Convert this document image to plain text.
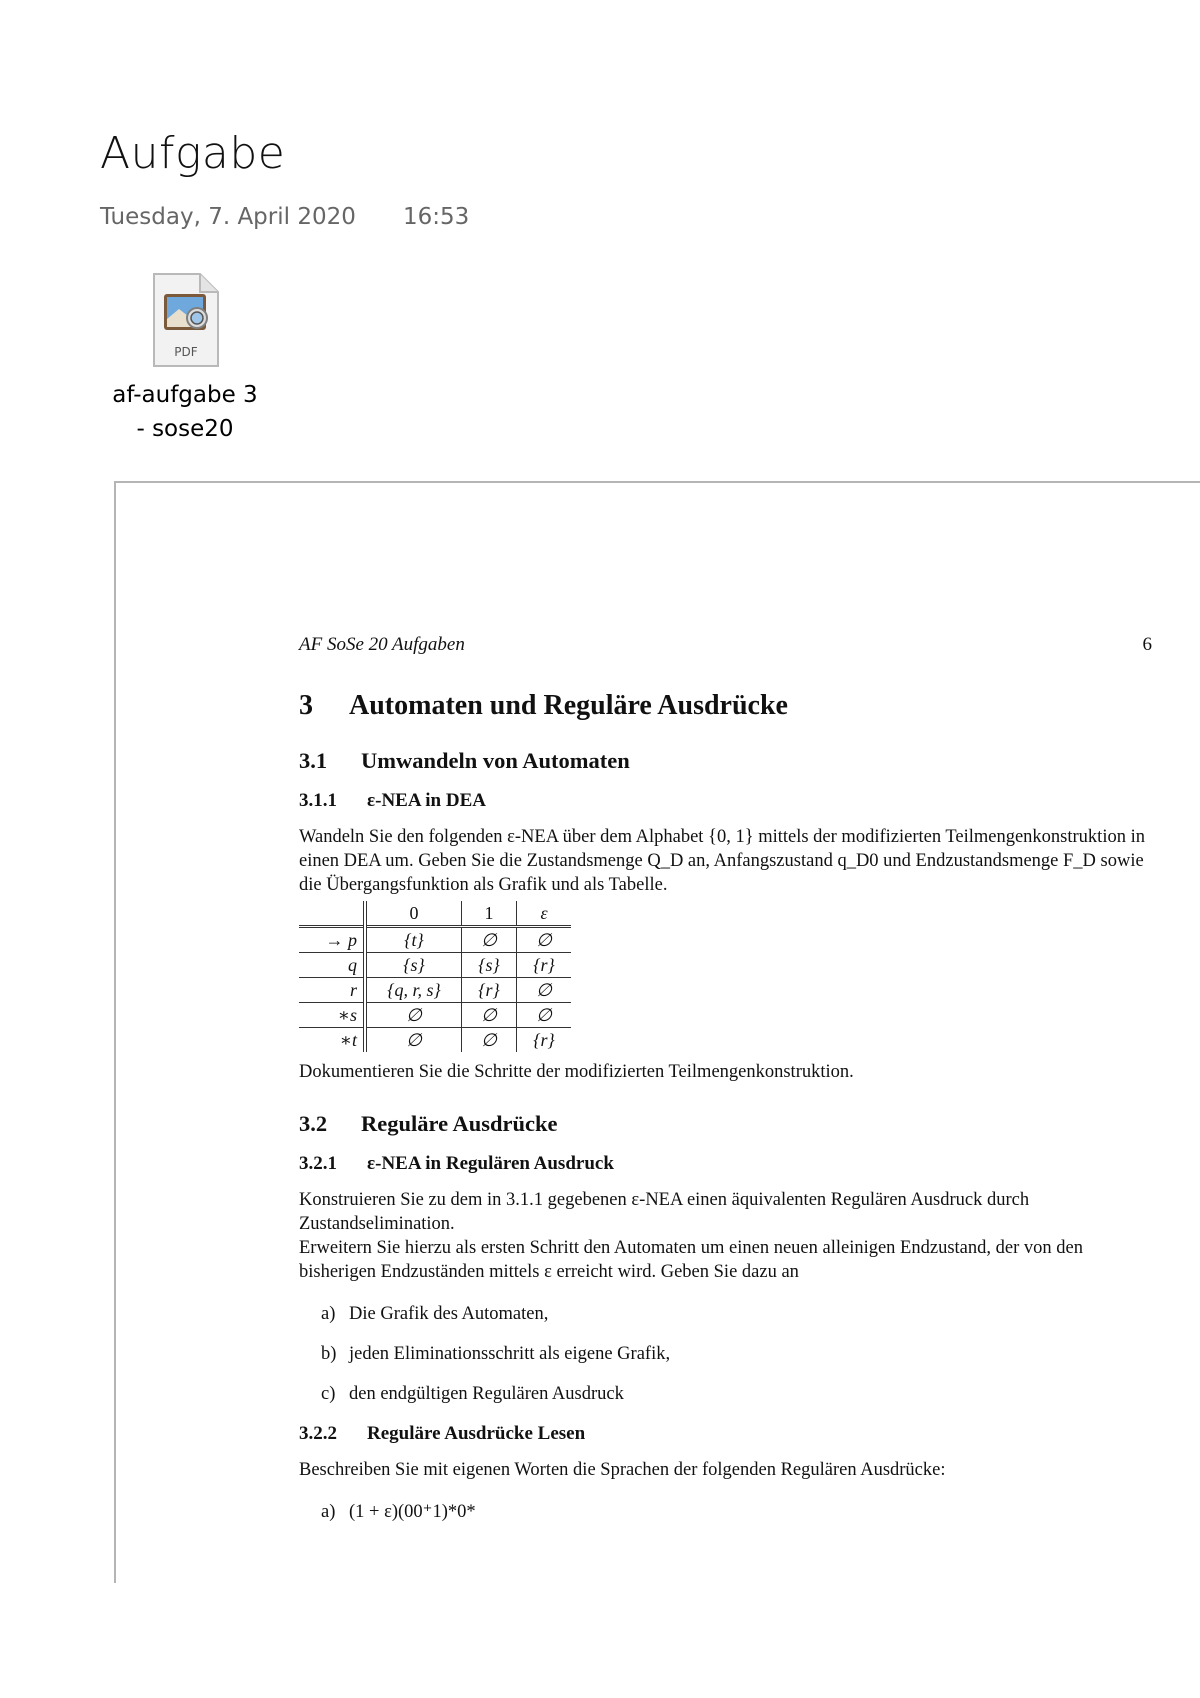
Aufgabe
Tuesday, 7. April 2020 16:53
PDF
af-aufgabe 3
- sose20
AF SoSe 20 Aufgaben	6
3 Automaten und Reguläre Ausdrücke
3.1 Umwandeln von Automaten
3.1.1 ε-NEA in DEA

Wandeln Sie den folgenden ε-NEA über dem Alphabet {0, 1} mittels der modifizierten Teilmengenkonstruktion in einen DEA um. Geben Sie die Zustandsmenge Q_D an, Anfangszustand q_D0 und Endzustandsmenge F_D sowie die Übergangsfunktion als Grafik und als Tabelle.

	0	1	ε
→ p	{t}	∅	∅
q	{s}	{s}	{r}
r	{q, r, s}	{r}	∅
∗s	∅	∅	∅
∗t	∅	∅	{r}

Dokumentieren Sie die Schritte der modifizierten Teilmengenkonstruktion.

3.2 Reguläre Ausdrücke
3.2.1 ε-NEA in Regulären Ausdruck

Konstruieren Sie zu dem in 3.1.1 gegebenen ε-NEA einen äquivalenten Regulären Ausdruck durch Zustandselimination.

Erweitern Sie hierzu als ersten Schritt den Automaten um einen neuen alleinigen Endzustand, der von den bisherigen Endzuständen mittels ε erreicht wird. Geben Sie dazu an

a) Die Grafik des Automaten,
b) jeden Eliminationsschritt als eigene Grafik,
c) den endgültigen Regulären Ausdruck
3.2.2 Reguläre Ausdrücke Lesen

Beschreiben Sie mit eigenen Worten die Sprachen der folgenden Regulären Ausdrücke:

a) (1 + ε)(00⁺1)*0*
